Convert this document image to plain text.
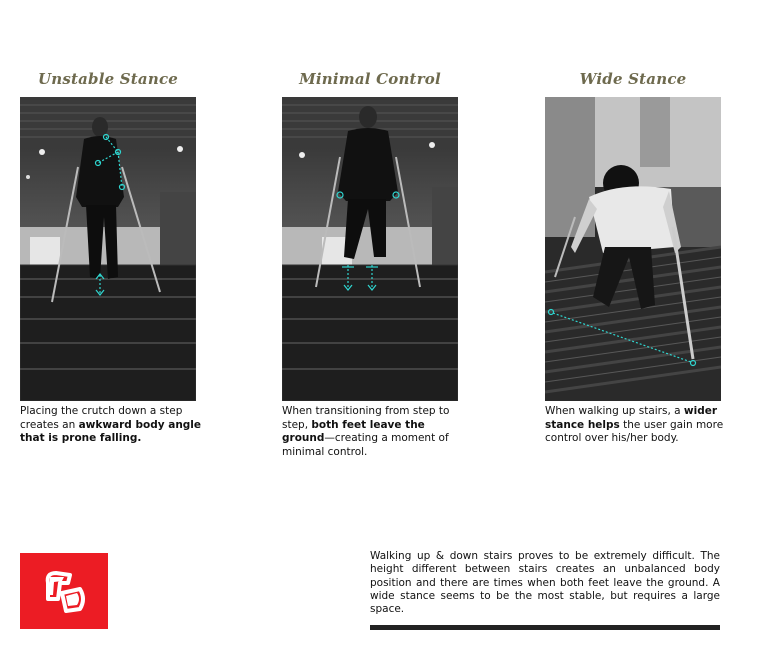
Unstable Stance
Placing the crutch down a step creates an awkward body angle that is prone falling.
Minimal Control
When transitioning from step to step, both feet leave the ground—creating a moment of minimal control.
Wide Stance
When walking up stairs, a wider stance helps the user gain more control over his/her body.
Walking up & down stairs proves to be extremely difficult. The height different between stairs creates an unbalanced body position and there are times when both feet leave the ground. A wide stance seems to be the most stable, but requires a large space.
